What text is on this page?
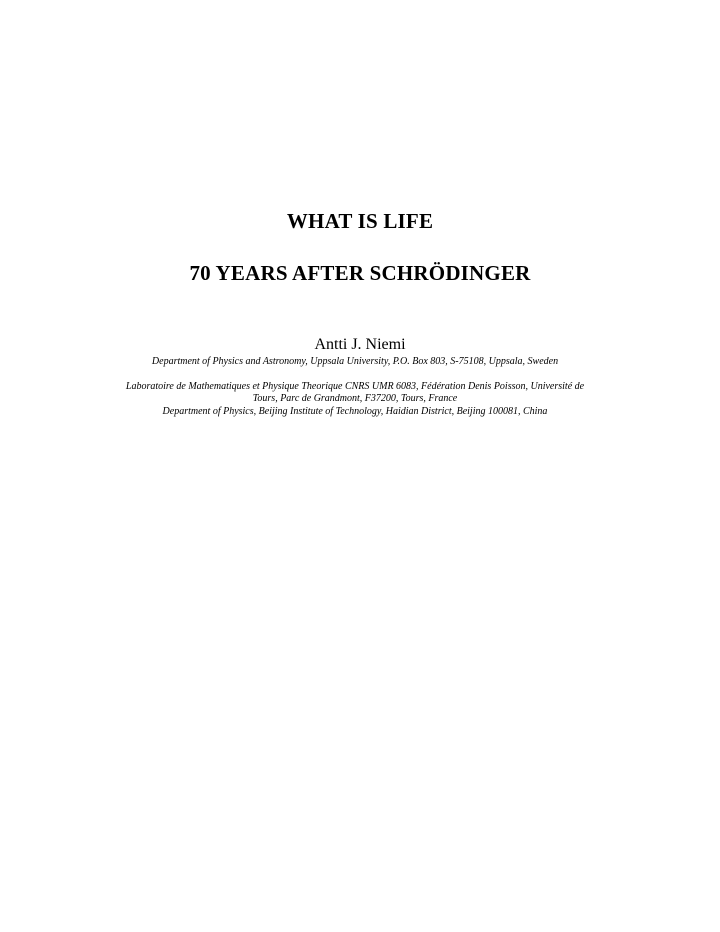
WHAT IS LIFE
70 YEARS AFTER SCHRÖDINGER

Antti J. Niemi

Department of Physics and Astronomy, Uppsala University, P.O. Box 803, S-75108, Uppsala, Sweden

Laboratoire de Mathematiques et Physique Theorique CNRS UMR 6083, Fédération Denis Poisson, Université de Tours, Parc de Grandmont, F37200, Tours, France

Department of Physics, Beijing Institute of Technology, Haidian District, Beijing 100081, China
